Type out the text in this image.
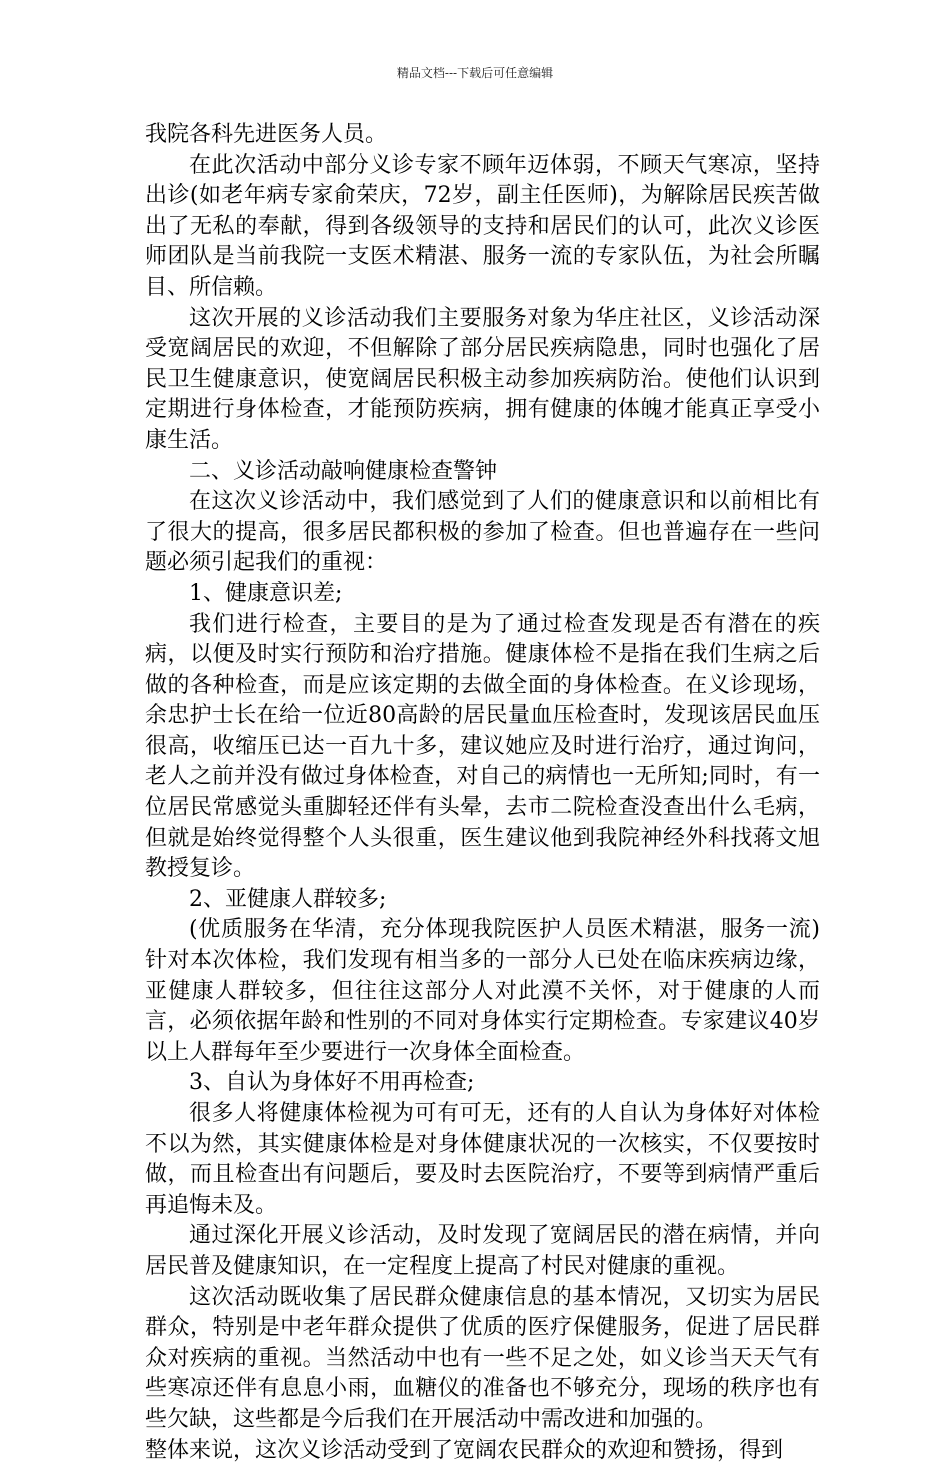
精品文档---下载后可任意编辑

我院各科先进医务人员。

在此次活动中部分义诊专家不顾年迈体弱，不顾天气寒凉，坚持出诊(如老年病专家俞荣庆，72岁，副主任医师)，为解除居民疾苦做出了无私的奉献，得到各级领导的支持和居民们的认可，此次义诊医师团队是当前我院一支医术精湛、服务一流的专家队伍，为社会所瞩目、所信赖。

这次开展的义诊活动我们主要服务对象为华庄社区，义诊活动深受宽阔居民的欢迎，不但解除了部分居民疾病隐患，同时也强化了居民卫生健康意识，使宽阔居民积极主动参加疾病防治。使他们认识到定期进行身体检查，才能预防疾病，拥有健康的体魄才能真正享受小康生活。

二、义诊活动敲响健康检查警钟

在这次义诊活动中，我们感觉到了人们的健康意识和以前相比有了很大的提高，很多居民都积极的参加了检查。但也普遍存在一些问题必须引起我们的重视：

1、健康意识差;

我们进行检查，主要目的是为了通过检查发现是否有潜在的疾病，以便及时实行预防和治疗措施。健康体检不是指在我们生病之后做的各种检查，而是应该定期的去做全面的身体检查。在义诊现场，余忠护士长在给一位近80高龄的居民量血压检查时，发现该居民血压很高，收缩压已达一百九十多，建议她应及时进行治疗，通过询问，老人之前并没有做过身体检查，对自己的病情也一无所知;同时，有一位居民常感觉头重脚轻还伴有头晕，去市二院检查没查出什么毛病，但就是始终觉得整个人头很重，医生建议他到我院神经外科找蒋文旭教授复诊。

2、亚健康人群较多;

(优质服务在华清，充分体现我院医护人员医术精湛，服务一流)针对本次体检，我们发现有相当多的一部分人已处在临床疾病边缘，亚健康人群较多，但往往这部分人对此漠不关怀，对于健康的人而言，必须依据年龄和性别的不同对身体实行定期检查。专家建议40岁以上人群每年至少要进行一次身体全面检查。

3、自认为身体好不用再检查;

很多人将健康体检视为可有可无，还有的人自认为身体好对体检不以为然，其实健康体检是对身体健康状况的一次核实，不仅要按时做，而且检查出有问题后，要及时去医院治疗，不要等到病情严重后再追悔未及。

通过深化开展义诊活动，及时发现了宽阔居民的潜在病情，并向居民普及健康知识，在一定程度上提高了村民对健康的重视。

这次活动既收集了居民群众健康信息的基本情况，又切实为居民群众，特别是中老年群众提供了优质的医疗保健服务，促进了居民群众对疾病的重视。当然活动中也有一些不足之处，如义诊当天天气有些寒凉还伴有息息小雨，血糖仪的准备也不够充分，现场的秩序也有些欠缺，这些都是今后我们在开展活动中需改进和加强的。

整体来说，这次义诊活动受到了宽阔农民群众的欢迎和赞扬，得到
